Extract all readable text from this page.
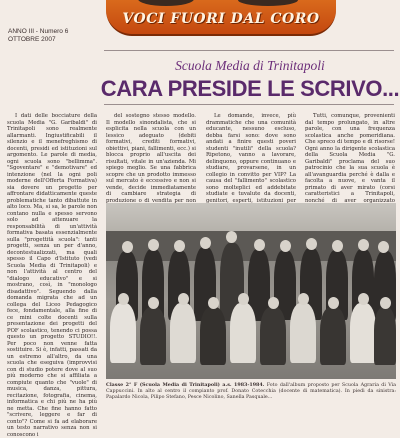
VOCI FUORI DAL CORO
ANNO III - Numero 6
OTTOBRE 2007
Scuola Media di Trinitapoli
CARA PRESIDE LE SCRIVO...

I dati delle bocciature della scuola Media "G. Garibaldi" di Trinitapoli sono realmente allarmanti. Ingiustificabili il silenzio e il menefreghismo di docenti, presidi ed istituzioni sul argomento. Le parole di media, ogni scuola sono "bellimma". "Sgoventare" e "demotivare" ed intenzione (nel la ogni poli moderne dell'Offerta Formativa) sia dovere un progetto per affrontare didatticamente queste problematiche tanto dibattute in alto loco. Ma, si sa, le parole non contano nulla e spesso servono solo ad attenuare la responsabilità di un'attività formativa basata essenzialmente sulla "progettità scuola": tanti progetti, senza un per d'anno, decontestualizzati, ma quali spesso il Capo d'Istituto (vedi Scuola Media di Trinitapoli) e non l'attività al centro del "dialogo educativo" e si mostrano, così, in "monologo disadattivo". Seguendo dalla domanda migrata che ad un collega del Liceo Pedagogico fece, fondamentale, alla fine di ce mini colte docenti sulla presentazione dei progetti del POF scolastico, tenendo ci possa questo un progetto STUDIO!!. Per poco non venne fatta sostituire. Si è, infatti, passati da un estremo all'altro, da una scuola che eseguiva (improvvisi con di studio potere dove al suo più moderno che si affiliata a compiute quanto che "vuole" di musica, danza, pittura, recitazione, fotografia, cinema, informatica e chi più ne ha più ne metta. Che fine hanno fatto "scrivere, leggere e far di conto"? Come si fa ad elaborare un testo narrativo senza non si conoscono i

del sostegno stesso modello. Il modello sinondalista, che si esplicita nella scuola con un lessico adeguato (debiti formativi, crediti formativi, obiettivi, piani, fallimenti, ecc.) si blocca proprio all'uscita dei risultati, vitale in un'azienda. Mi spiego meglio. Se una fabbrica scopre che un prodotto immesso sul mercato è eccessivo e non si vende, decide immediatamente di cambiare strategia di produzione o di vendita per non

Le domande, invece, più drammatiche che una comunità educante, nessuno escluso, debba farsi sono: dove sono andati a finire questi poveri studenti "inutili" della scuola? Ripetono, vanno a lavorare, delinquono, oppure continuano e studiare, provarsene, in un collegio in convitto per VIP? La causa del "fallimento" scolastico sono molteplici ed addebitate studiate e tuvalute da docenti, genitori, esperti, istituzioni per

Tutti, comunque, provenienti dal tempo prolungato, in altre parole, con una frequenza scolastica anche pomeridiana. Che spreco di tempo e di risorse! Ogni anno la dirigente scolastica della Scuola Media "G. Garibaldi" proclama del suo patrocinio che la sua scuola è all'avanguardia perché è dalla e facolta a nuove, e vanta il primato di aver mirato (corsi caratteristici a Trinitapoli, nonché di aver organizzato

Classe 2° F (Scuola Media di Trinitapoli) a.s. 1983-1984. Foto dall'album proposto per Scuola Agraria di Via Cappuccini. In alto al centro il compianto prof. Donato Cotecchia (docente di matematica). In piedi da sinistra: Papalardo Nicola, Pilipo Stefano, Pesce Nicolino, Sanella Pasquale...
